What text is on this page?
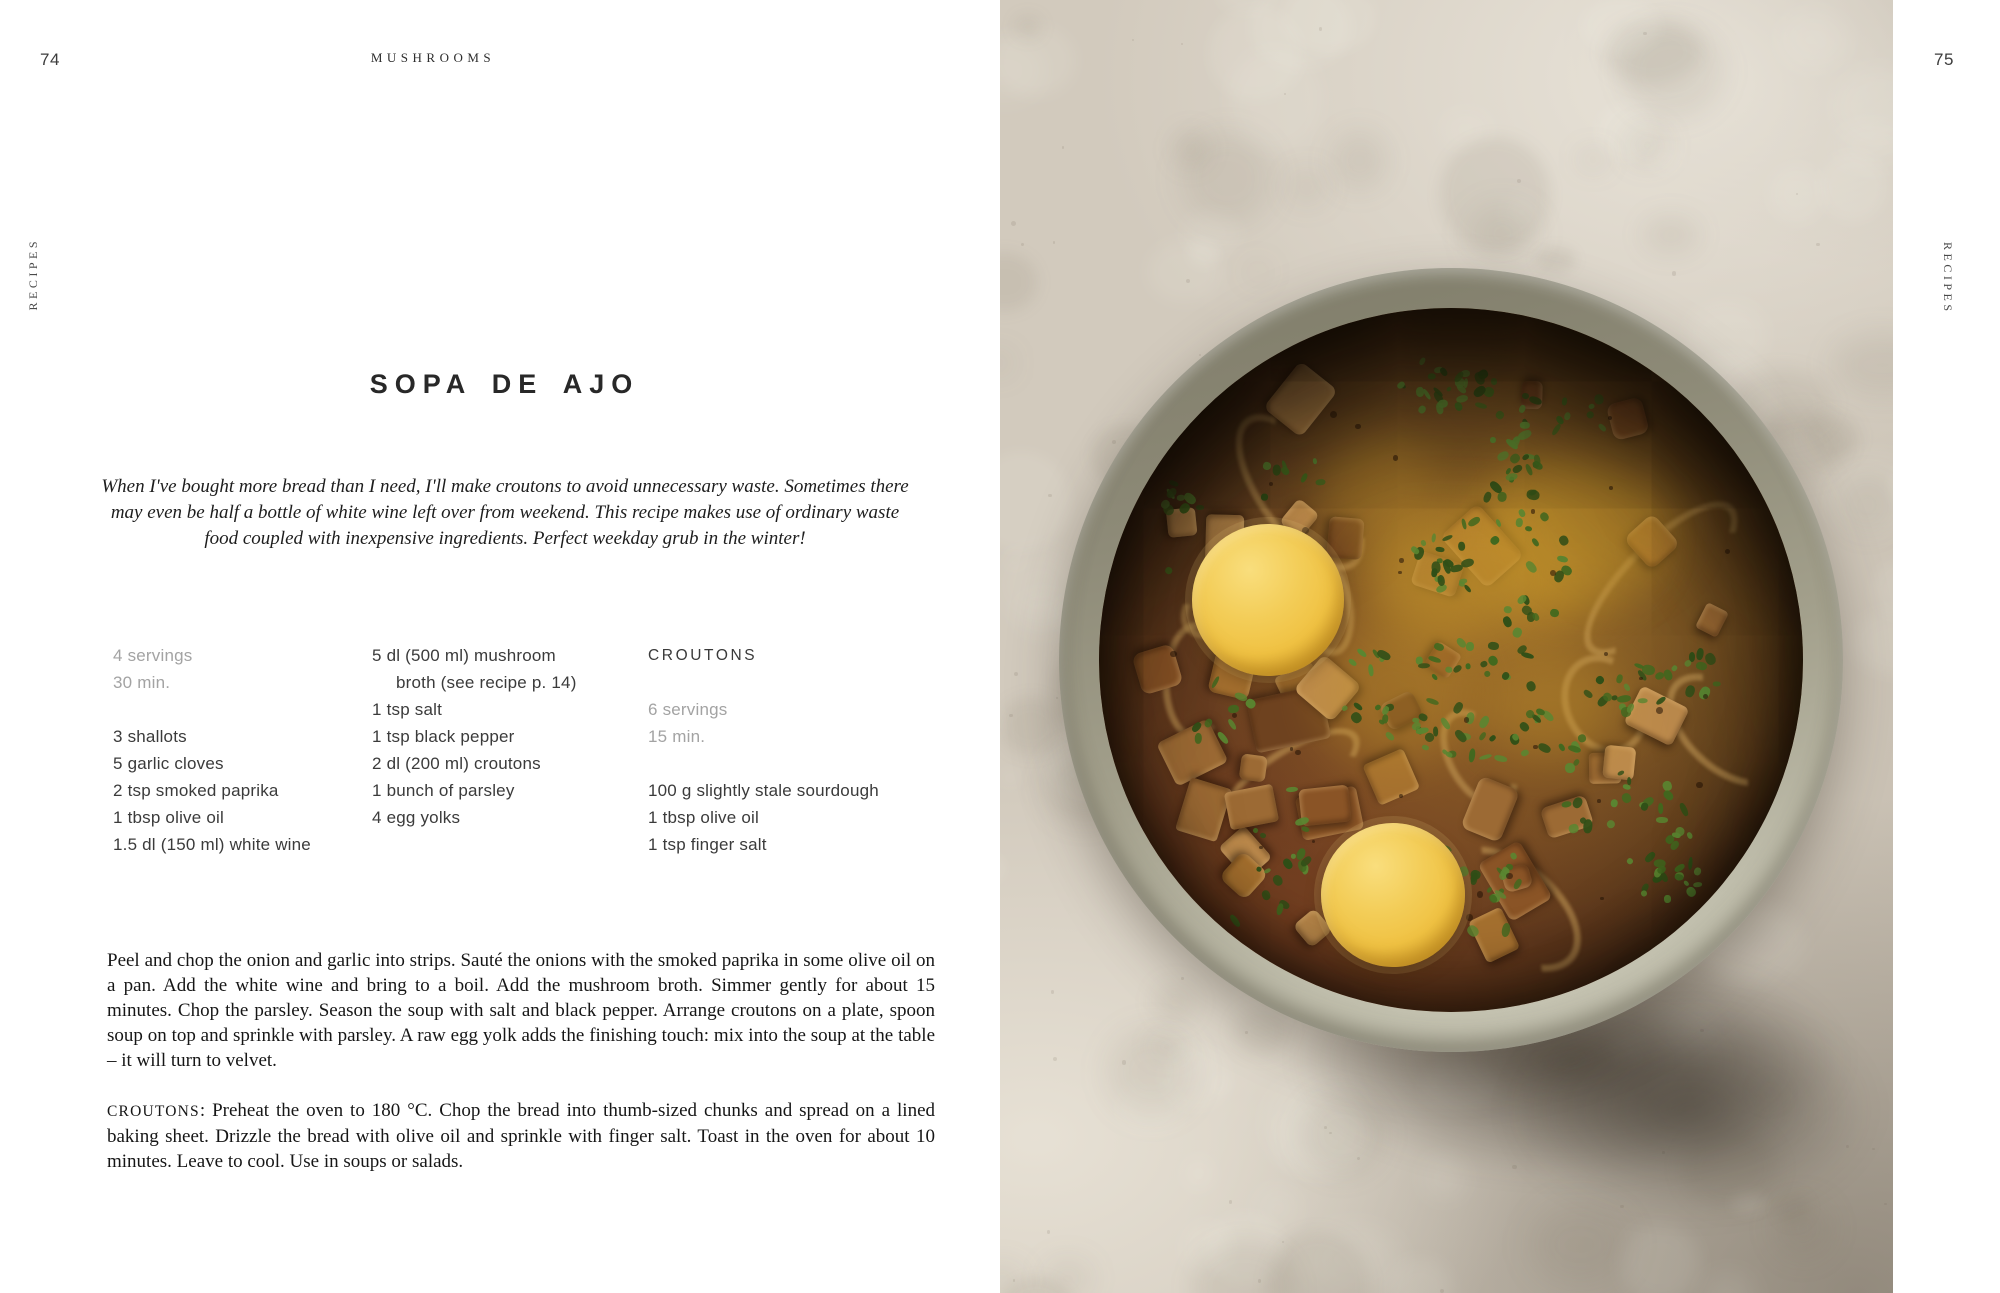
74	MUSHROOMS
RECIPES
SOPA DE AJO

When I've bought more bread than I need, I'll make croutons to avoid unnecessary waste. Sometimes there may even be half a bottle of white wine left over from weekend. This recipe makes use of ordinary waste food coupled with inexpensive ingredients. Perfect weekday grub in the winter!

4 servings
30 min.
3 shallots
5 garlic cloves
2 tsp smoked paprika
1 tbsp olive oil
1.5 dl (150 ml) white wine
5 dl (500 ml) mushroom
broth (see recipe p. 14)
1 tsp salt
1 tsp black pepper
2 dl (200 ml) croutons
1 bunch of parsley
4 egg yolks
CROUTONS
6 servings
15 min.
100 g slightly stale sourdough
1 tbsp olive oil
1 tsp finger salt

Peel and chop the onion and garlic into strips. Sauté the onions with the smoked paprika in some olive oil on a pan. Add the white wine and bring to a boil. Add the mushroom broth. Simmer gently for about 15 minutes. Chop the parsley. Season the soup with salt and black pepper. Arrange croutons on a plate, spoon soup on top and sprinkle with parsley. A raw egg yolk adds the finishing touch: mix into the soup at the table – it will turn to velvet.

CROUTONS: Preheat the oven to 180 °C. Chop the bread into thumb-sized chunks and spread on a lined baking sheet. Drizzle the bread with olive oil and sprinkle with finger salt. Toast in the oven for about 10 minutes. Leave to cool. Use in soups or salads.

75
RECIPES
